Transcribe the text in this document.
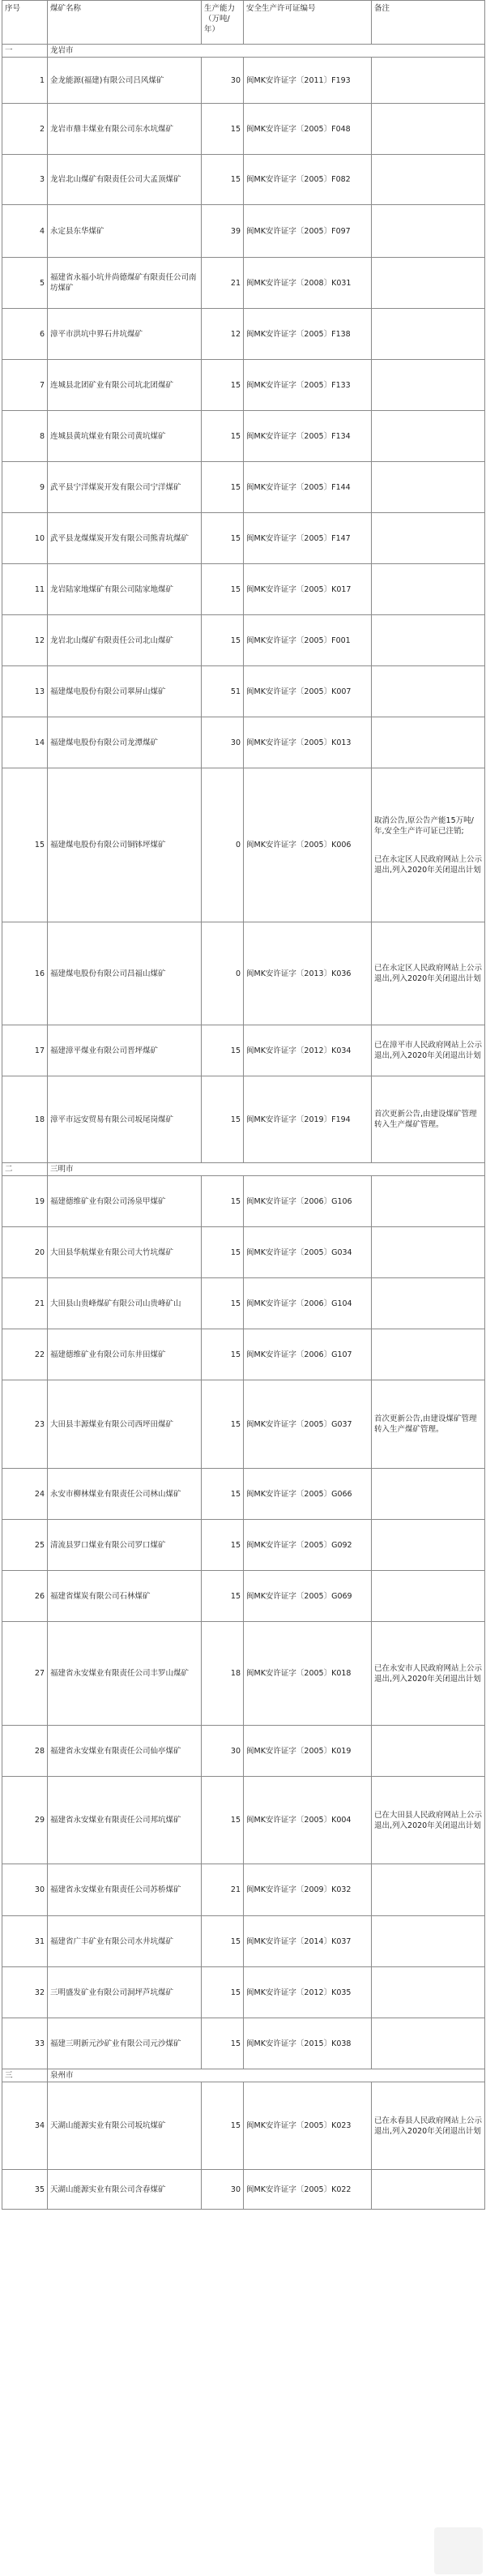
序号	煤矿名称	生产能力（万吨/年）	安全生产许可证编号	备注
一	龙岩市			
1	金龙能源(福建)有限公司吕风煤矿	30	闽MK安许证字〔2011〕F193	

2	龙岩市鼎丰煤业有限公司东水坑煤矿	15	闽MK安许证字〔2005〕F048	

3	龙岩北山煤矿有限责任公司大孟顶煤矿	15	闽MK安许证字〔2005〕F082	

4	永定县东华煤矿	39	闽MK安许证字〔2005〕F097	

5	福建省永福小坑井尚德煤矿有限责任公司南坊煤矿	21	闽MK安许证字〔2008〕K031	

6	漳平市洪坑中界石井坑煤矿	12	闽MK安许证字〔2005〕F138	

7	连城县北团矿业有限公司坑北团煤矿	15	闽MK安许证字〔2005〕F133	

8	连城县黄坑煤业有限公司黄坑煤矿	15	闽MK安许证字〔2005〕F134	

9	武平县宁洋煤炭开发有限公司宁洋煤矿	15	闽MK安许证字〔2005〕F144	

10	武平县龙煤煤炭开发有限公司熊青坑煤矿	15	闽MK安许证字〔2005〕F147	

11	龙岩陆家地煤矿有限公司陆家地煤矿	15	闽MK安许证字〔2005〕K017	

12	龙岩北山煤矿有限责任公司北山煤矿	15	闽MK安许证字〔2005〕F001	

13	福建煤电股份有限公司翠屏山煤矿	51	闽MK安许证字〔2005〕K007	

14	福建煤电股份有限公司龙潭煤矿	30	闽MK安许证字〔2005〕K013	

15	福建煤电股份有限公司铜钵坪煤矿	0	闽MK安许证字〔2005〕K006	取消公告,原公告产能15万吨/年,安全生产许可证已注销;
已在永定区人民政府网站上公示退出,列入2020年关闭退出计划

16	福建煤电股份有限公司昌福山煤矿	0	闽MK安许证字〔2013〕K036	已在永定区人民政府网站上公示退出,列入2020年关闭退出计划

17	福建漳平煤业有限公司晋坪煤矿	15	闽MK安许证字〔2012〕K034	已在漳平市人民政府网站上公示退出,列入2020年关闭退出计划

18	漳平市远安贸易有限公司坂尾岗煤矿	15	闽MK安许证字〔2019〕F194	首次更新公告,由建设煤矿管理转入生产煤矿管理。

二	三明市			
19	福建德维矿业有限公司汤泉甲煤矿	15	闽MK安许证字〔2006〕G106	

20	大田县华航煤业有限公司大竹坑煤矿	15	闽MK安许证字〔2005〕G034	

21	大田县山贵峰煤矿有限公司山贵峰矿山	15	闽MK安许证字〔2006〕G104	

22	福建德维矿业有限公司东井田煤矿	15	闽MK安许证字〔2006〕G107	

23	大田县丰源煤业有限公司西坪田煤矿	15	闽MK安许证字〔2005〕G037	首次更新公告,由建设煤矿管理转入生产煤矿管理。

24	永安市柳林煤业有限责任公司林山煤矿	15	闽MK安许证字〔2005〕G066	

25	清流县罗口煤业有限公司罗口煤矿	15	闽MK安许证字〔2005〕G092	

26	福建省煤炭有限公司石林煤矿	15	闽MK安许证字〔2005〕G069	

27	福建省永安煤业有限责任公司丰罗山煤矿	18	闽MK安许证字〔2005〕K018	已在永安市人民政府网站上公示退出,列入2020年关闭退出计划

28	福建省永安煤业有限责任公司仙亭煤矿	30	闽MK安许证字〔2005〕K019	

29	福建省永安煤业有限责任公司邦坑煤矿	15	闽MK安许证字〔2005〕K004	已在大田县人民政府网站上公示退出,列入2020年关闭退出计划

30	福建省永安煤业有限责任公司苏桥煤矿	21	闽MK安许证字〔2009〕K032	

31	福建省广丰矿业有限公司水井坑煤矿	15	闽MK安许证字〔2014〕K037	

32	三明盛发矿业有限公司洞坪芦坑煤矿	15	闽MK安许证字〔2012〕K035	

33	福建三明新元沙矿业有限公司元沙煤矿	15	闽MK安许证字〔2015〕K038	

三	泉州市			
34	天湖山能源实业有限公司坂坑煤矿	15	闽MK安许证字〔2005〕K023	已在永春县人民政府网站上公示退出,列入2020年关闭退出计划

35	天湖山能源实业有限公司含春煤矿	30	闽MK安许证字〔2005〕K022	
